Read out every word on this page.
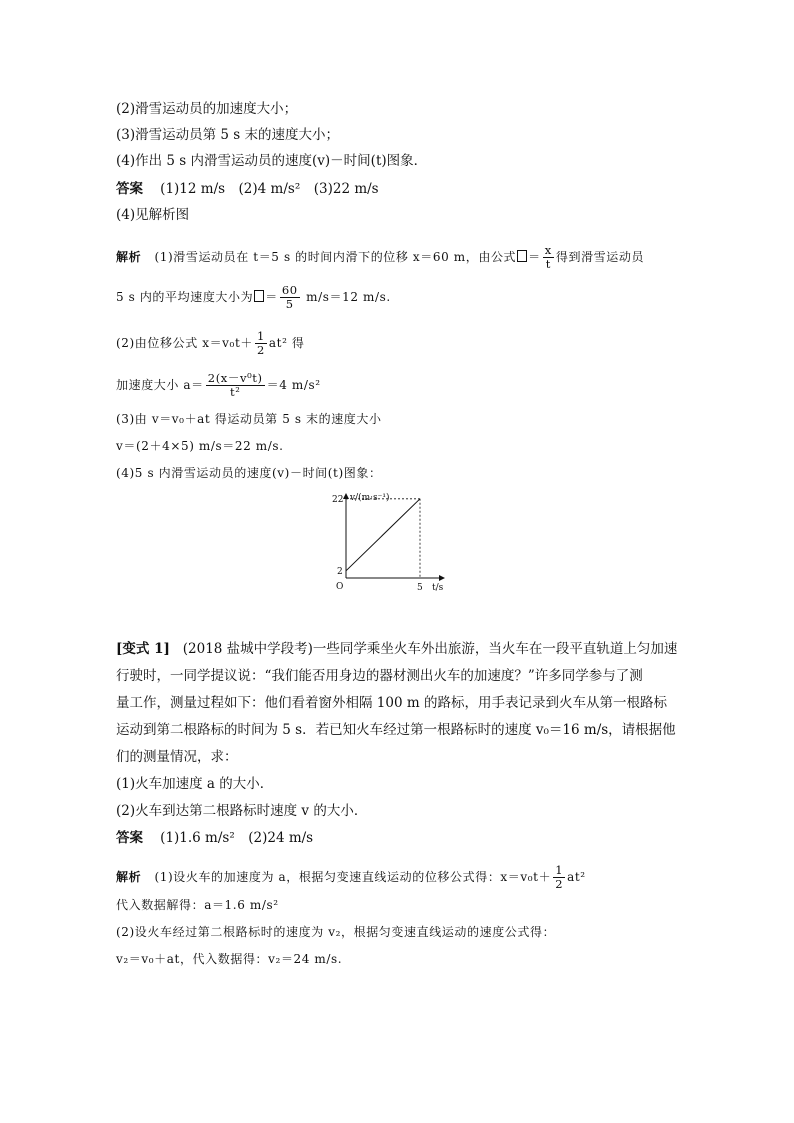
(2)滑雪运动员的加速度大小；
(3)滑雪运动员第 5 s 末的速度大小；
(4)作出 5 s 内滑雪运动员的速度(v)－时间(t)图象．
答案 (1)12 m/s　(2)4 m/s²　(3)22 m/s
(4)见解析图
解析 (1)滑雪运动员在 t＝5 s 的时间内滑下的位移 x＝60 m，由公式 ＝ $\frac{x}{t}$ 得到滑雪运动员
5 s 内的平均速度大小为 ＝ $\frac{60}{5} m/s=12$ m/s.
(2)由位移公式 $x=v_0t+ \frac{1}{2} at^2$ 得
加速度大小 $a= \frac{\text{2(x－v⁰t)}}{\text{t²}} =4$ m/s²
(3)由 v＝v₀＋at 得运动员第 5 s 末的速度大小
v＝(2＋4×5) m/s＝22 m/s.
(4)5 s 内滑雪运动员的速度(v)－时间(t)图象：
v/(m·s⁻¹)
t/s
O
2
22
5
[变式 1] (2018 盐城中学段考)一些同学乘坐火车外出旅游，当火车在一段平直轨道上匀加速
行驶时，一同学提议说：“我们能否用身边的器材测出火车的加速度？”许多同学参与了测
量工作，测量过程如下：他们看着窗外相隔 100 m 的路标，用手表记录到火车从第一根路标
运动到第二根路标的时间为 5 s．若已知火车经过第一根路标时的速度 v₀＝16 m/s，请根据他
们的测量情况，求：
(1)火车加速度 a 的大小．
(2)火车到达第二根路标时速度 v 的大小．
答案 (1)1.6 m/s²　(2)24 m/s
解析 (1)设火车的加速度为 a，根据匀变速直线运动的位移公式得：$x=v_0t+ \frac{1}{2} at^2$
代入数据解得：a＝1.6 m/s²
(2)设火车经过第二根路标时的速度为 v₂，根据匀变速直线运动的速度公式得：
v₂＝v₀＋at，代入数据得：v₂＝24 m/s.
